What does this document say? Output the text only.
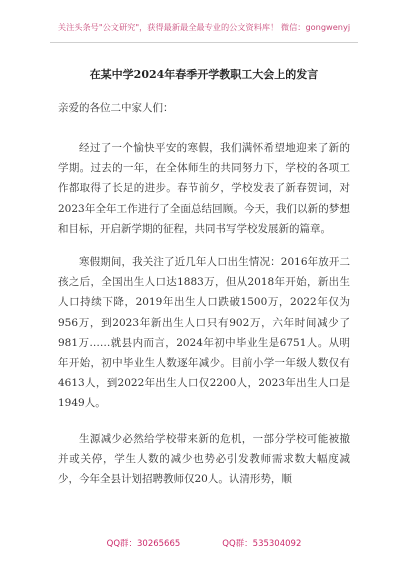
关注头条号"公文研究"，获得最新最全最专业的公文资料库！ 微信：gongwenyj
在某中学2024年春季开学教职工大会上的发言
亲爱的各位二中家人们：

经过了一个愉快平安的寒假，我们满怀希望地迎来了新的学期。过去的一年，在全体师生的共同努力下，学校的各项工作都取得了长足的进步。春节前夕，学校发表了新春贺词，对2023年全年工作进行了全面总结回顾。今天，我们以新的梦想和目标，开启新学期的征程，共同书写学校发展新的篇章。

寒假期间，我关注了近几年人口出生情况：2016年放开二孩之后，全国出生人口达1883万，但从2018年开始，新出生人口持续下降，2019年出生人口跌破1500万，2022年仅为956万，到2023年新出生人口只有902万，六年时间减少了981万……就县内而言，2024年初中毕业生是6751人。从明年开始，初中毕业生人数逐年减少。目前小学一年级人数仅有4613人，到2022年出生人口仅2200人，2023年出生人口是1949人。

生源减少必然给学校带来新的危机，一部分学校可能被撤并或关停，学生人数的减少也势必引发教师需求数大幅度减少，今年全县计划招聘教师仅20人。认清形势，顺

QQ群：30265665	QQ群：535304092
